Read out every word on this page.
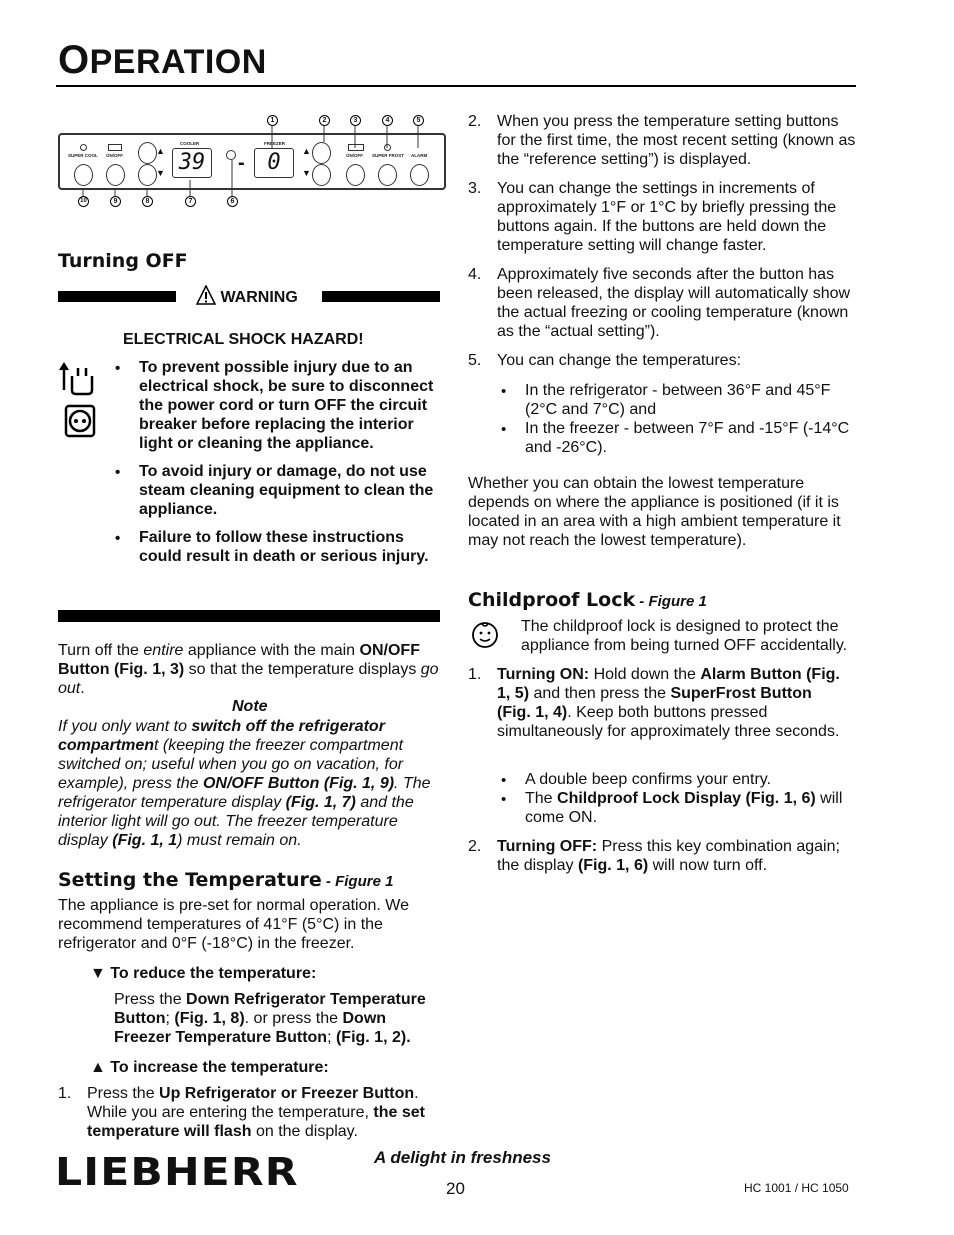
OPERATION
1	2	3	4	5
SUPER COOL ON/OFF
COOLER	FREEZER
ON/OFF SUPER FROST ALARM
▲
▼ 39	-	0	▲
▼
10	9	8	7	6
Turning OFF
WARNING
ELECTRICAL SHOCK HAZARD!
• To prevent possible injury due to an electrical shock, be sure to disconnect the power cord or turn OFF the circuit breaker before replacing the interior light or cleaning the appliance.
• To avoid injury or damage, do not use steam cleaning equipment to clean the appliance.
• Failure to follow these instructions could result in death or serious injury.

Turn off the entire appliance with the main ON/OFF Button (Fig. 1, 3) so that the temperature displays go out.

Note

If you only want to switch off the refrigerator compartment (keeping the freezer compartment switched on; useful when you go on vacation, for example), press the ON/OFF Button (Fig. 1, 9). The refrigerator temperature display (Fig. 1, 7) and the interior light will go out. The freezer temperature display (Fig. 1, 1) must remain on.

Setting the Temperature - Figure 1

The appliance is pre-set for normal operation. We recommend temperatures of 41°F (5°C) in the refrigerator and 0°F (-18°C) in the freezer.

▼ To reduce the temperature:

Press the Down Refrigerator Temperature Button; (Fig. 1, 8). or press the Down Freezer Temperature Button; (Fig. 1, 2).

▲ To increase the temperature:
1. Press the Up Refrigerator or Freezer Button. While you are entering the temperature, the set temperature will flash on the display.
2. When you press the temperature setting buttons for the first time, the most recent setting (known as the “reference setting”) is displayed.
3. You can change the settings in increments of approximately 1°F or 1°C by briefly pressing the buttons again. If the buttons are held down the temperature setting will change faster.
4. Approximately five seconds after the button has been released, the display will automatically show the actual freezing or cooling temperature (known as the “actual setting”).
5. You can change the temperatures:
• In the refrigerator - between 36°F and 45°F (2°C and 7°C) and
• In the freezer - between 7°F and -15°F (-14°C and -26°C).

Whether you can obtain the lowest temperature depends on where the appliance is positioned (if it is located in an area with a high ambient temperature it may not reach the lowest temperature).

Childproof Lock - Figure 1

The childproof lock is designed to protect the appliance from being turned OFF accidentally.

1. Turning ON: Hold down the Alarm Button (Fig. 1, 5) and then press the SuperFrost Button (Fig. 1, 4). Keep both buttons pressed simultaneously for approximately three seconds.
• A double beep confirms your entry.
• The Childproof Lock Display (Fig. 1, 6) will come ON.
2. Turning OFF: Press this key combination again; the display (Fig. 1, 6) will now turn off.
LIEBHERR	A delight in freshness
20	HC 1001 / HC 1050
